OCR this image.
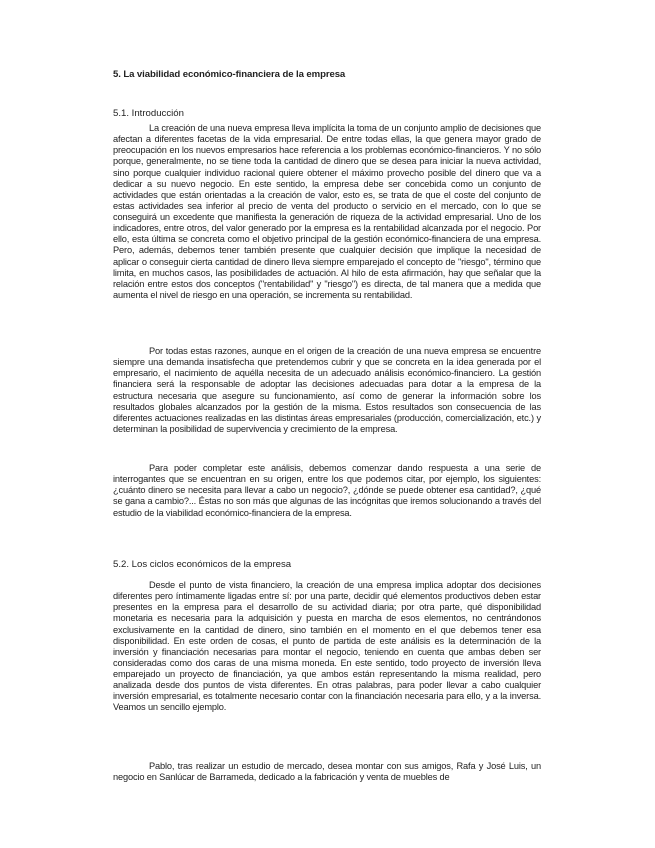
5. La viabilidad económico-financiera de la empresa
5.1. Introducción

La creación de una nueva empresa lleva implícita la toma de un conjunto amplio de decisiones que afectan a diferentes facetas de la vida empresarial. De entre todas ellas, la que genera mayor grado de preocupación en los nuevos empresarios hace referencia a los problemas económico-financieros. Y no sólo porque, generalmente, no se tiene toda la cantidad de dinero que se desea para iniciar la nueva actividad, sino porque cualquier individuo racional quiere obtener el máximo provecho posible del dinero que va a dedicar a su nuevo negocio. En este sentido, la empresa debe ser concebida como un conjunto de actividades que están orientadas a la creación de valor, esto es, se trata de que el coste del conjunto de estas actividades sea inferior al precio de venta del producto o servicio en el mercado, con lo que se conseguirá un excedente que manifiesta la generación de riqueza de la actividad empresarial. Uno de los indicadores, entre otros, del valor generado por la empresa es la rentabilidad alcanzada por el negocio. Por ello, esta última se concreta como el objetivo principal de la gestión económico-financiera de una empresa. Pero, además, debemos tener también presente que cualquier decisión que implique la necesidad de aplicar o conseguir cierta cantidad de dinero lleva siempre emparejado el concepto de "riesgo", término que limita, en muchos casos, las posibilidades de actuación. Al hilo de esta afirmación, hay que señalar que la relación entre estos dos conceptos ("rentabilidad" y "riesgo") es directa, de tal manera que a medida que aumenta el nivel de riesgo en una operación, se incrementa su rentabilidad.

Por todas estas razones, aunque en el origen de la creación de una nueva empresa se encuentre siempre una demanda insatisfecha que pretendemos cubrir y que se concreta en la idea generada por el empresario, el nacimiento de aquélla necesita de un adecuado análisis económico-financiero. La gestión financiera será la responsable de adoptar las decisiones adecuadas para dotar a la empresa de la estructura necesaria que asegure su funcionamiento, así como de generar la información sobre los resultados globales alcanzados por la gestión de la misma. Estos resultados son consecuencia de las diferentes actuaciones realizadas en las distintas áreas empresariales (producción, comercialización, etc.) y determinan la posibilidad de supervivencia y crecimiento de la empresa.

Para poder completar este análisis, debemos comenzar dando respuesta a una serie de interrogantes que se encuentran en su origen, entre los que podemos citar, por ejemplo, los siguientes: ¿cuánto dinero se necesita para llevar a cabo un negocio?, ¿dónde se puede obtener esa cantidad?, ¿qué se gana a cambio?... Éstas no son más que algunas de las incógnitas que iremos solucionando a través del estudio de la viabilidad económico-financiera de la empresa.

5.2. Los ciclos económicos de la empresa

Desde el punto de vista financiero, la creación de una empresa implica adoptar dos decisiones diferentes pero íntimamente ligadas entre sí: por una parte, decidir qué elementos productivos deben estar presentes en la empresa para el desarrollo de su actividad diaria; por otra parte, qué disponibilidad monetaria es necesaria para la adquisición y puesta en marcha de esos elementos, no centrándonos exclusivamente en la cantidad de dinero, sino también en el momento en el que debemos tener esa disponibilidad. En este orden de cosas, el punto de partida de este análisis es la determinación de la inversión y financiación necesarias para montar el negocio, teniendo en cuenta que ambas deben ser consideradas como dos caras de una misma moneda. En este sentido, todo proyecto de inversión lleva emparejado un proyecto de financiación, ya que ambos están representando la misma realidad, pero analizada desde dos puntos de vista diferentes. En otras palabras, para poder llevar a cabo cualquier inversión empresarial, es totalmente necesario contar con la financiación necesaria para ello, y a la inversa. Veamos un sencillo ejemplo.

Pablo, tras realizar un estudio de mercado, desea montar con sus amigos, Rafa y José Luis, un negocio en Sanlúcar de Barrameda, dedicado a la fabricación y venta de muebles de
